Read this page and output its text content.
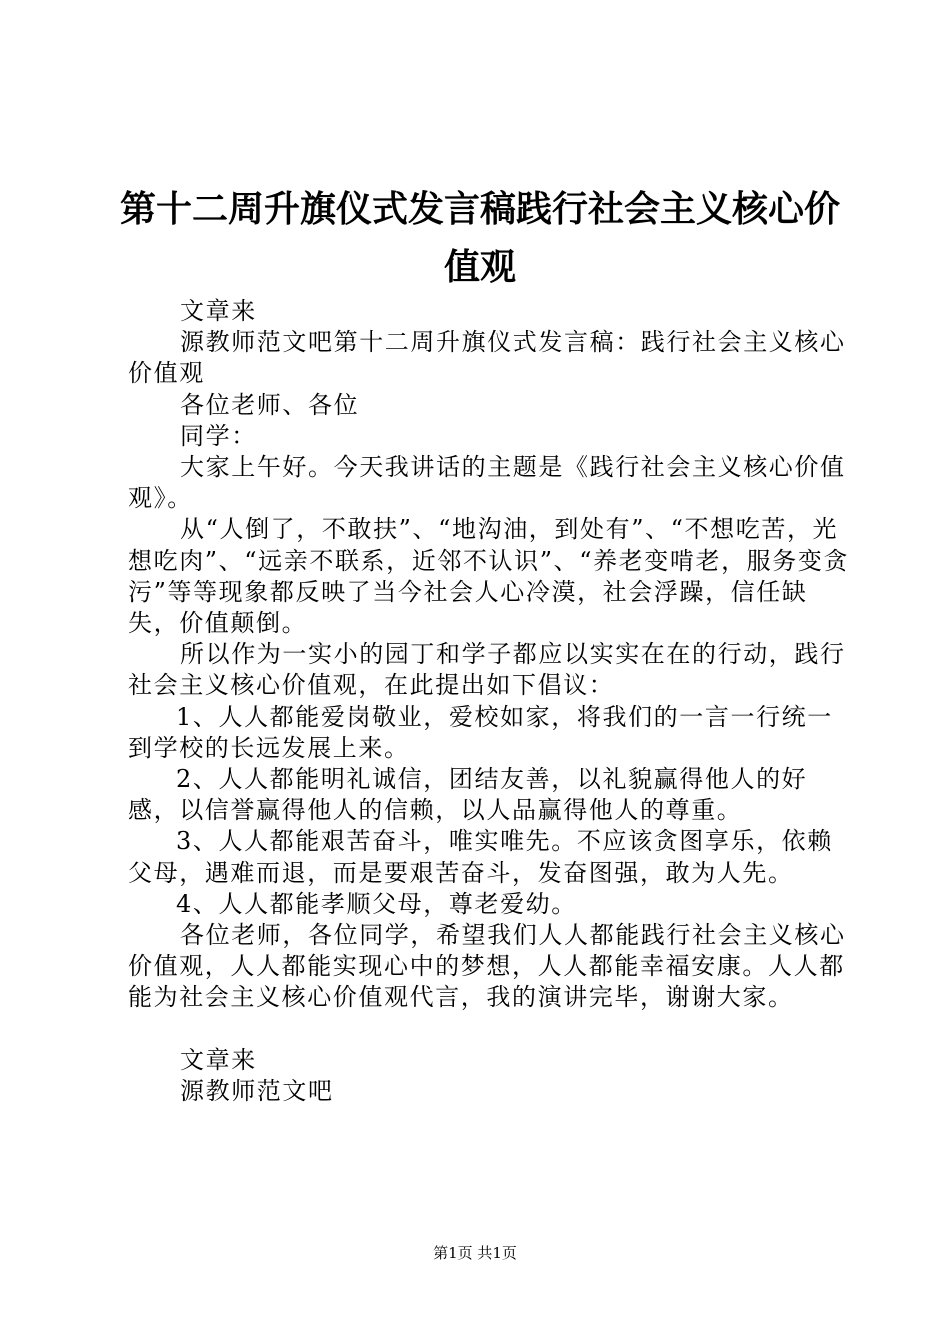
第十二周升旗仪式发言稿践行社会主义核心价
值观

文章来

源教师范文吧第十二周升旗仪式发言稿：践行社会主义核心价值观

各位老师、各位

同学：

大家上午好。今天我讲话的主题是《践行社会主义核心价值观》。

从“人倒了，不敢扶”、“地沟油，到处有”、“不想吃苦，光想吃肉”、“远亲不联系，近邻不认识”、“养老变啃老，服务变贪污”等等现象都反映了当今社会人心冷漠，社会浮躁，信任缺失，价值颠倒。

所以作为一实小的园丁和学子都应以实实在在的行动，践行社会主义核心价值观，在此提出如下倡议：

1、人人都能爱岗敬业，爱校如家，将我们的一言一行统一到学校的长远发展上来。

2、人人都能明礼诚信，团结友善，以礼貌赢得他人的好感，以信誉赢得他人的信赖，以人品赢得他人的尊重。

3、人人都能艰苦奋斗，唯实唯先。不应该贪图享乐，依赖父母，遇难而退，而是要艰苦奋斗，发奋图强，敢为人先。

4、人人都能孝顺父母，尊老爱幼。

各位老师，各位同学，希望我们人人都能践行社会主义核心价值观，人人都能实现心中的梦想，人人都能幸福安康。人人都能为社会主义核心价值观代言，我的演讲完毕，谢谢大家。

文章来

源教师范文吧

第1页 共1页
